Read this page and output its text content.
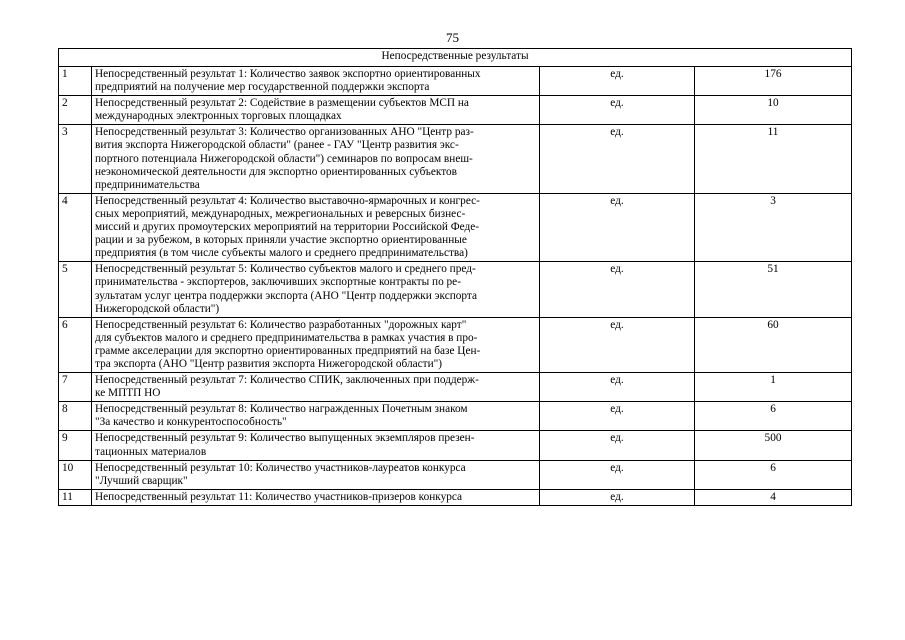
75
Непосредственные результаты			
1	Непосредственный результат 1: Количество заявок экспортно ориентированных
предприятий на получение мер государственной поддержки экспорта	ед.	176
2	Непосредственный результат 2: Содействие в размещении субъектов МСП на
международных электронных торговых площадках	ед.	10
3	Непосредственный результат 3: Количество организованных АНО "Центр раз-
вития экспорта Нижегородской области" (ранее - ГАУ "Центр развития экс-
портного потенциала Нижегородской области") семинаров по вопросам внеш-
неэкономической деятельности для экспортно ориентированных субъектов
предпринимательства	ед.	11
4	Непосредственный результат 4: Количество выставочно-ярмарочных и конгрес-
сных мероприятий, международных, межрегиональных и реверсных бизнес-
миссий и других промоутерских мероприятий на территории Российской Феде-
рации и за рубежом, в которых приняли участие экспортно ориентированные
предприятия (в том числе субъекты малого и среднего предпринимательства)	ед.	3
5	Непосредственный результат 5: Количество субъектов малого и среднего пред-
принимательства - экспортеров, заключивших экспортные контракты по ре-
зультатам услуг центра поддержки экспорта (АНО "Центр поддержки экспорта
Нижегородской области")	ед.	51
6	Непосредственный результат 6: Количество разработанных "дорожных карт"
для субъектов малого и среднего предпринимательства в рамках участия в про-
грамме акселерации для экспортно ориентированных предприятий на базе Цен-
тра экспорта (АНО "Центр развития экспорта Нижегородской области")	ед.	60
7	Непосредственный результат 7: Количество СПИК, заключенных при поддерж-
ке МПТП НО	ед.	1
8	Непосредственный результат 8: Количество награжденных Почетным знаком
"За качество и конкурентоспособность"	ед.	6
9	Непосредственный результат 9: Количество выпущенных экземпляров презен-
тационных материалов	ед.	500
10	Непосредственный результат 10: Количество участников-лауреатов конкурса
"Лучший сварщик"	ед.	6
11	Непосредственный результат 11: Количество участников-призеров конкурса	ед.	4
